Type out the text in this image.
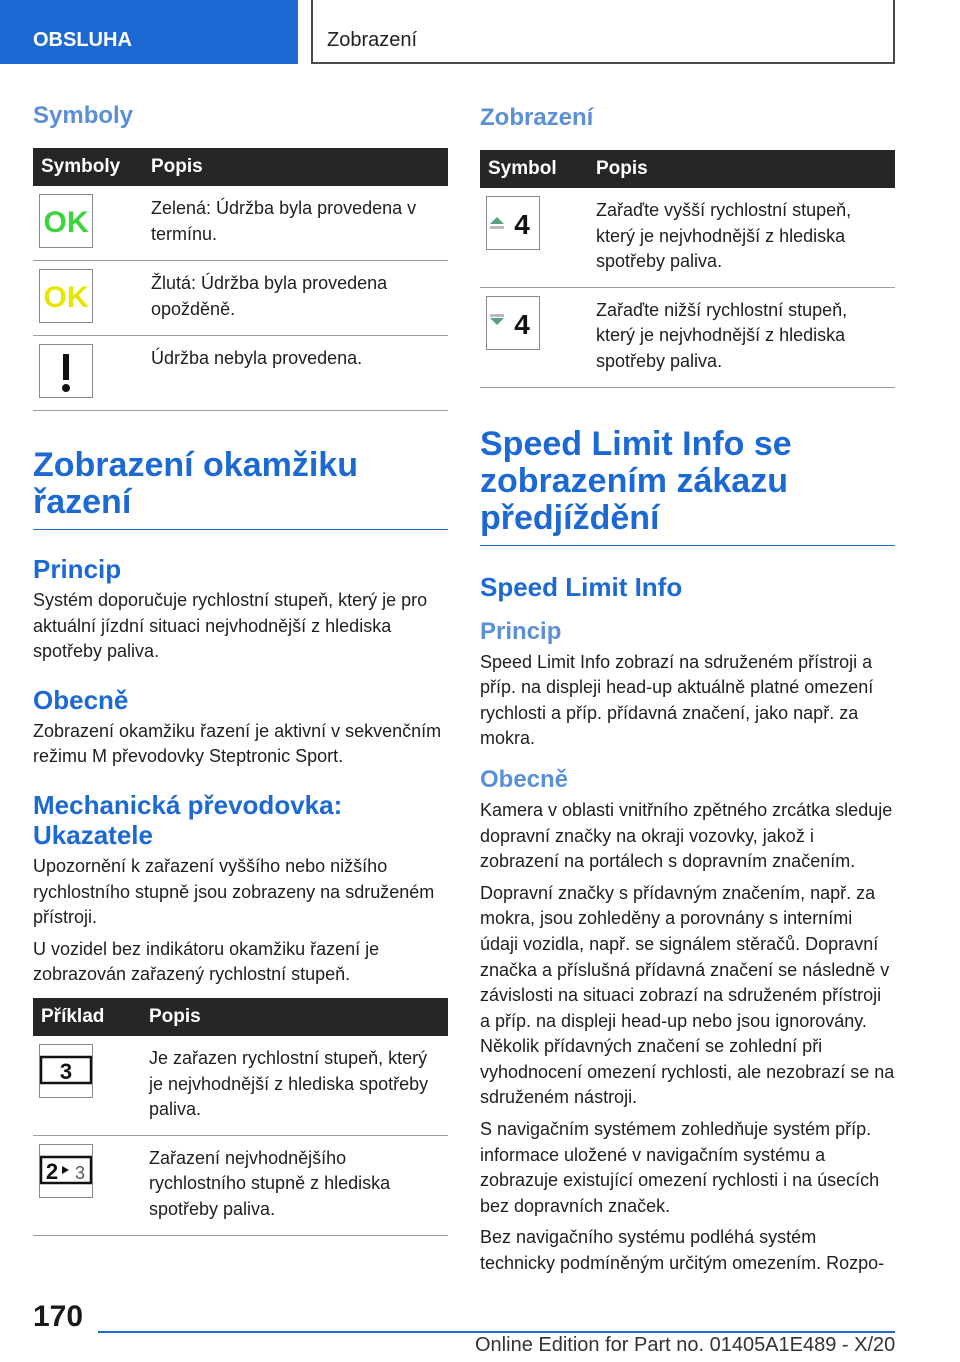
OBSLUHA	Zobrazení
Symboly
Symboly	Popis

OK	Zelená: Údržba byla provedena v termínu.

OK	Žlutá: Údržba byla provedena opožděně.

	Údržba nebyla provedena.
Zobrazení okamžiku řazení
Princip

Systém doporučuje rychlostní stupeň, který je pro aktuální jízdní situaci nejvhodnější z hlediska spotřeby paliva.

Obecně

Zobrazení okamžiku řazení je aktivní v sekvenčním režimu M převodovky Steptronic Sport.

Mechanická převodovka: Ukazatele

Upozornění k zařazení vyššího nebo nižšího rychlostního stupně jsou zobrazeny na sdruženém přístroji.

U vozidel bez indikátoru okamžiku řazení je zobrazován zařazený rychlostní stupeň.

Příklad	Popis

3	Je zařazen rychlostní stupeň, který je nejvhodnější z hlediska spotřeby paliva.

2 3	Zařazení nejvhodnějšího rychlostního stupně z hlediska spotřeby paliva.
Zobrazení
Symbol	Popis

4	Zařaďte vyšší rychlostní stupeň, který je nejvhodnější z hlediska spotřeby paliva.

4	Zařaďte nižší rychlostní stupeň, který je nejvhodnější z hlediska spotřeby paliva.
Speed Limit Info se zobrazením zákazu předjíždění
Speed Limit Info
Princip

Speed Limit Info zobrazí na sdruženém přístroji a příp. na displeji head-up aktuálně platné omezení rychlosti a příp. přídavná značení, jako např. za mokra.

Obecně

Kamera v oblasti vnitřního zpětného zrcátka sleduje dopravní značky na okraji vozovky, jakož i zobrazení na portálech s dopravním značením.

Dopravní značky s přídavným značením, např. za mokra, jsou zohleděny a porovnány s interními údaji vozidla, např. se signálem stěračů. Dopravní značka a příslušná přídavná značení se následně v závislosti na situaci zobrazí na sdruženém přístroji a příp. na displeji head-up nebo jsou ignorovány. Několik přídavných značení se zohlední při vyhodnocení omezení rychlosti, ale nezobrazí se na sdruženém nástroji.

S navigačním systémem zohledňuje systém příp. informace uložené v navigačním systému a zobrazuje existující omezení rychlosti i na úsecích bez dopravních značek.

Bez navigačního systému podléhá systém technicky podmíněným určitým omezením. Rozpo-

170
Online Edition for Part no. 01405A1E489 - X/20
